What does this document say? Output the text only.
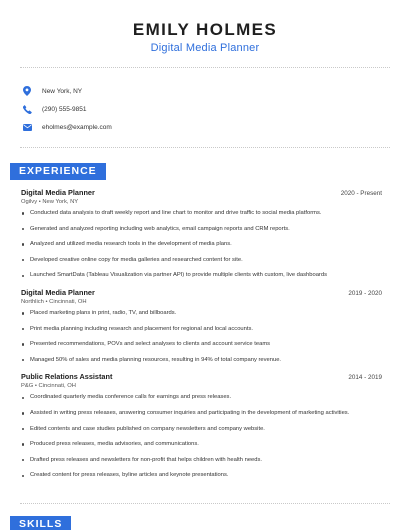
EMILY HOLMES
Digital Media Planner
New York, NY
(290) 555-9851
eholmes@example.com
EXPERIENCE
Digital Media Planner	2020 - Present
Ogilvy • New York, NY
Conducted data analysis to draft weekly report and line chart to monitor and drive traffic to social media platforms.
Generated and analyzed reporting including web analytics, email campaign reports and CRM reports.
Analyzed and utilized media research tools in the development of media plans.
Developed creative online copy for media galleries and researched content for site.
Launched SmartData (Tableau Visualization via partner API) to provide multiple clients with custom, live dashboards
Digital Media Planner	2019 - 2020
Northlich • Cincinnati, OH
Placed marketing plans in print, radio, TV, and billboards.
Print media planning including research and placement for regional and local accounts.
Presented recommendations, POVs and select analyses to clients and account service teams
Managed 50% of sales and media planning resources, resulting in 94% of total company revenue.
Public Relations Assistant	2014 - 2019
P&G • Cincinnati, OH
Coordinated quarterly media conference calls for earnings and press releases.
Assisted in writing press releases, answering consumer inquiries and participating in the development of marketing activities.
Edited contents and case studies published on company newsletters and company website.
Produced press releases, media advisories, and communications.
Drafted press releases and newsletters for non-profit that helps children with health needs.
Created content for press releases, byline articles and keynote presentations.
SKILLS
